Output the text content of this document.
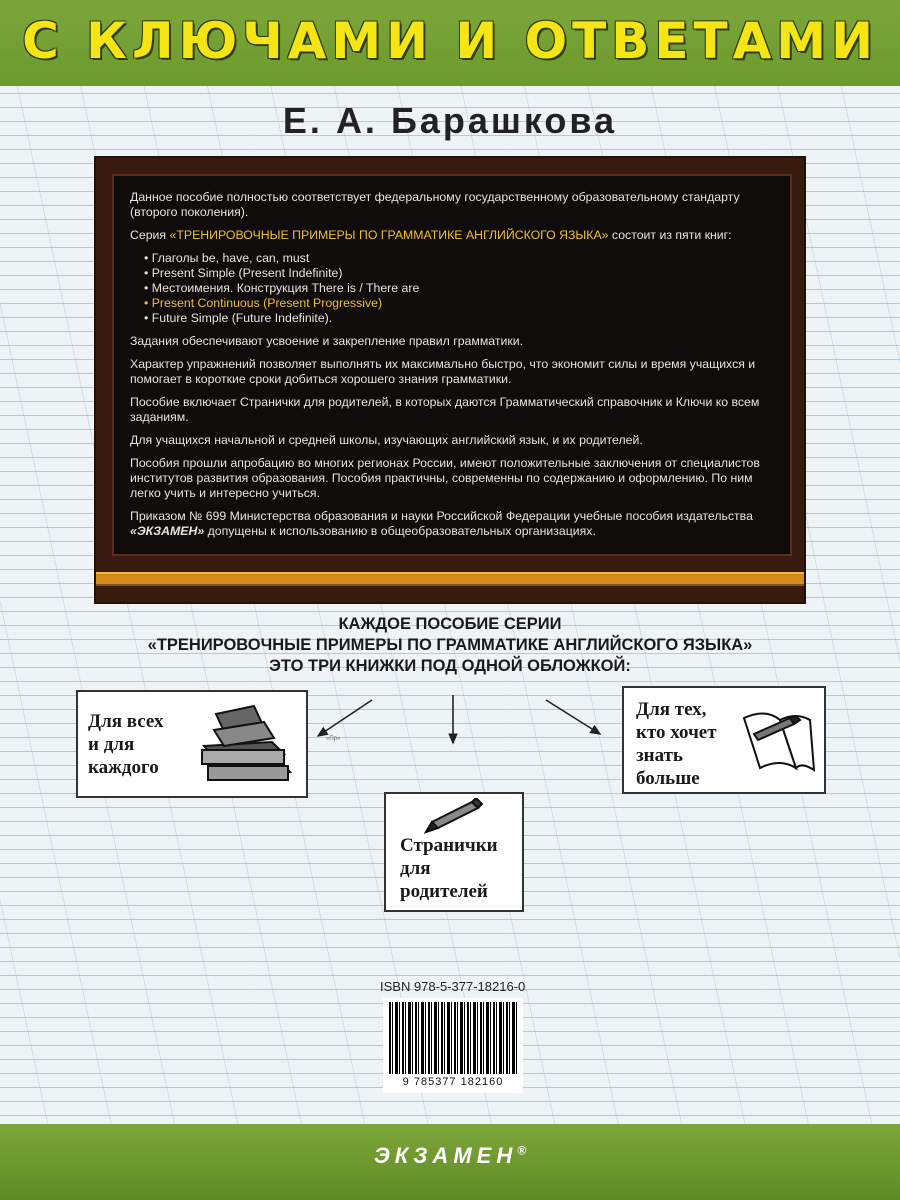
С КЛЮЧАМИ И ОТВЕТАМИ
Е. А. Барашкова

Данное пособие полностью соответствует федеральному государственному образовательному стандарту (второго поколения).

Серия «ТРЕНИРОВОЧНЫЕ ПРИМЕРЫ ПО ГРАММАТИКЕ АНГЛИЙСКОГО ЯЗЫКА» состоит из пяти книг:

• Глаголы be, have, can, must
• Present Simple (Present Indefinite)
• Местоимения. Конструкция There is / There are
• Present Continuous (Present Progressive)
• Future Simple (Future Indefinite).

Задания обеспечивают усвоение и закрепление правил грамматики.

Характер упражнений позволяет выполнять их максимально быстро, что экономит силы и время учащихся и помогает в короткие сроки добиться хорошего знания грамматики.

Пособие включает Странички для родителей, в которых даются Грамматический справочник и Ключи ко всем заданиям.

Для учащихся начальной и средней школы, изучающих английский язык, и их родителей.

Пособия прошли апробацию во многих регионах России, имеют положительные заключения от специалистов институтов развития образования. Пособия практичны, современны по содержанию и оформлению. По ним легко учить и интересно учиться.

Приказом № 699 Министерства образования и науки Российской Федерации учебные пособия издательства «ЭКЗАМЕН» допущены к использованию в общеобразовательных организациях.

КАЖДОЕ ПОСОБИЕ СЕРИИ
«ТРЕНИРОВОЧНЫЕ ПРИМЕРЫ ПО ГРАММАТИКЕ АНГЛИЙСКОГО ЯЗЫКА»
ЭТО ТРИ КНИЖКИ ПОД ОДНОЙ ОБЛОЖКОЙ:
«Пр»
Для всех
и для
каждого
Странички
для
родителей
Для тех,
кто хочет
знать
больше
ISBN 978-5-377-18216-0
9 785377 182160
ЭКЗАМЕН®
